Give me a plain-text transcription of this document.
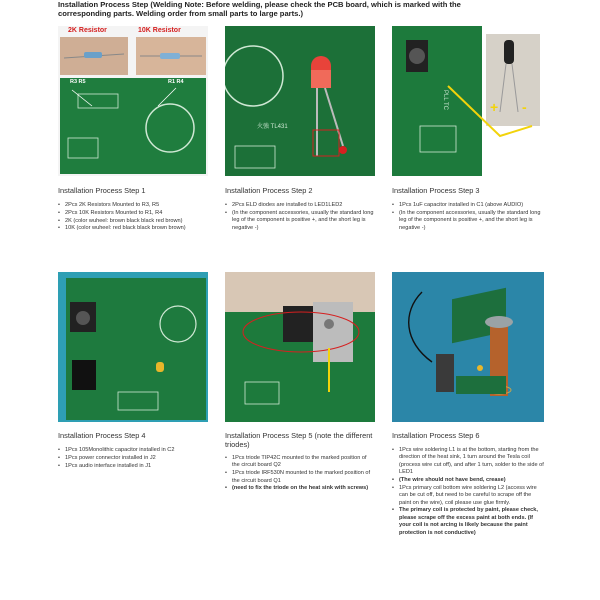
Installation Process Step (Welding Note: Before welding, please check the PCB board, which is marked with the
corresponding parts. Welding order from small parts to large parts.)
2K Resistor	10K Resistor
R3 R5	R1 R4
火強 TL431
PLL TC	+ -
Installation Process Step 1
• 2Pcs 2K Resistors Mounted to R3, R5
• 2Pcs 10K Resistors Mounted to R1, R4
• 2K (color wuheel: brown black black red brown)
• 10K (color wuheel: red black black brown brown)
Installation Process Step 2
• 2Pcs ELD diodes are installed to LED1LED2
• (In the component accessories, usually the standard long leg of the component is positive +, and the short leg is negative -)
Installation Process Step 3
• 1Pcs 1uF capacitor installed in C1 (above AUDIO)
• (In the component accessories, usually the standard long leg of the component is positive +, and the short leg is negative -)
Installation Process Step 4
• 1Pcs 105Monolithic capacitor installed in C2
• 1Pcs power connector installed in J2
• 1Pcs audio interface installed in J1
Installation Process Step 5 (note the different triodes)
• 1Pcs triode TIP42C mounted to the marked position of the circuit board Q2
• 1Pcs triode IRF530N mounted to the marked position of the circuit board Q1
• (need to fix the triode on the heat sink with screws)
Installation Process Step 6
• 1Pcs wire soldering L1 is at the bottom, starting from the direction of the heat sink, 1 turn around the Tesla coil (process wire cut off), and after 1 turn, solder to the side of LED1
• (The wire should not have bend, crease)
• 1Pcs primary coil bottom wire soldering L2 (access wire can be cut off, but need to be careful to scrape off the paint on the wire), coil please use glue firmly.
• The primary coil is protected by paint, please check, please scrape off the excess paint at both ends. (If your coil is not arcing is likely because the paint protection is not conductive)
